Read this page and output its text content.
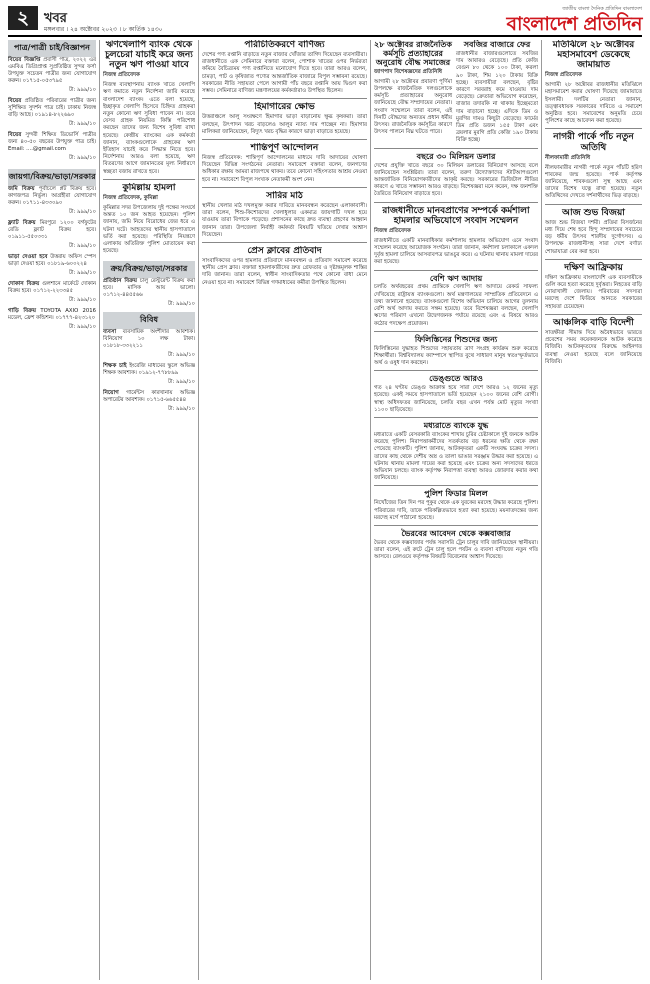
২	খবর
মঙ্গলবার । ২৪ অক্টোবর ২০২৩ । ৮ কার্তিক ১৪৩০
জাতীয় বাংলা দৈনিক প্রতিদিন বাংলাদেশ
বাংলাদেশ প্রতিদিন
পাত্র/পাত্রী চাই/বিজ্ঞাপন

বিয়ের বিজ্ঞপ্তি প্রবাসী পাত্র, ২০২২ এর এমবিএ ডিগ্রিপ্রাপ্ত সুপ্রতিষ্ঠিত সুন্দর ফর্সা উপযুক্ত সচেতন পাত্রীর জন্য যোগাযোগ করুন। ০১৭১৫-০৫৩৭৯৫

টা: ৯৯৯/১০

বিয়ের প্রতিষ্ঠিত পরিবারের পাত্রীর জন্য সুশিক্ষিত সুদর্শন পাত্র চাই। ঢাকায় নিজস্ব বাড়ি আছে। ০১৯১৪-৮২২৬৯০

টা: ৯৯৯/১০

বিয়ের সুন্দরী শিক্ষিত ডিভোর্সি পাত্রীর জন্য ৪০-৫০ বছরের উপযুক্ত পাত্র চাই। Email: ....@gmail.com

টা: ৯৯৯/১০

জায়গা/বিক্রয়/ভাড়া/সরকার

জমি বিক্রয় পূর্বাচলে প্লট বিক্রয় হবে। কাগজপত্র নির্ভুল। আগ্রহীরা যোগাযোগ করুন। ০১৭১১-৪৩৩০৯০

টা: ৯৯৯/১০

ফ্ল্যাট বিক্রয় মিরপুরে ১২০০ বর্গফুটের রেডি ফ্ল্যাট বিক্রয় হবে। ০১৯১১-৫৫০৩৩১

টা: ৯৯৯/১০

ভাড়া দেওয়া হবে উত্তরায় অফিস স্পেস ভাড়া দেওয়া হবে। ০১৮১৯-৬০০২২৪

টা: ৯৯৯/১০

দোকান বিক্রয় গুলশানে মার্কেটে দোকান বিক্রয় হবে। ০১৭১২-২২৩৩৪৫

টা: ৯৯৯/১০

গাড়ি বিক্রয় TOYOTA AXIO 2016 মডেল, ফ্রেশ কন্ডিশন। ০১৭৭৭-৪২৩১২০

টা: ৯৯৯/১০

ঋণখেলাপি ব্যাংক থেকে চুলচেরা যাচাই করে জন্য নতুন ঋণ পাওয়া যাবে

নিজস্ব প্রতিবেদক

নিজস্ব ব্যবস্থাপনায় ব্যাংক খাতে খেলাপি ঋণ কমাতে নতুন নির্দেশনা জারি করেছে বাংলাদেশ ব্যাংক। এতে বলা হয়েছে, ইচ্ছাকৃত খেলাপি হিসেবে চিহ্নিত গ্রাহকরা নতুন কোনো ঋণ সুবিধা পাবেন না। তবে যেসব গ্রাহক নিয়মিত কিস্তি পরিশোধ করছেন তাদের জন্য বিশেষ সুবিধা রাখা হয়েছে। কেন্দ্রীয় ব্যাংকের এক কর্মকর্তা জানান, ব্যাংকগুলোকে গ্রাহকের ঋণ ইতিহাস যাচাই করে সিদ্ধান্ত নিতে হবে। নির্দেশনায় আরও বলা হয়েছে, ঋণ বিতরণের আগে জামানতের মূল্য নির্ধারণে স্বচ্ছতা বজায় রাখতে হবে।

কুমিল্লায় হামলা

নিজস্ব প্রতিবেদক, কুমিল্লা

কুমিল্লার সদর উপজেলায় দুই পক্ষের সংঘর্ষে অন্তত ১০ জন আহত হয়েছেন। পুলিশ জানায়, জমি নিয়ে বিরোধের জের ধরে এ ঘটনা ঘটে। আহতদের স্থানীয় হাসপাতালে ভর্তি করা হয়েছে। পরিস্থিতি নিয়ন্ত্রণে এলাকায় অতিরিক্ত পুলিশ মোতায়েন করা হয়েছে।

ক্রয়/বিক্রয়/ভাড়া/সরকার

প্রতিষ্ঠান বিক্রয় চালু রেস্টুরেন্ট বিক্রয় করা হবে। মাসিক আয় ভালো। ০১৭১২-৪৪৫৫৬৬

টা: ৯৯৯/১০

বিবিধ

ব্যবসা ব্যবসায়িক অংশীদার আবশ্যক। বিনিয়োগ ১০ লক্ষ টাকা। ০১৮১৮-৩৩২২১১

টা: ৯৯৯/১০

শিক্ষক চাই ইংরেজি মাধ্যমের স্কুলে অভিজ্ঞ শিক্ষক আবশ্যক। ০১৯১২-৭৭৮৮৯৯

টা: ৯৯৯/১০

নিয়োগ গার্মেন্টস কারখানায় অভিজ্ঞ অপারেটর আবশ্যক। ০১৭১৫-৬৬৫৫৪৪

টা: ৯৯৯/১০

পরিচিতিকরণে বাণিজ্য

দেশের পণ্য রপ্তানি বাড়াতে নতুন বাজার খোঁজার তাগিদ দিয়েছেন ব্যবসায়ীরা। রাজধানীতে এক সেমিনারে বক্তারা বলেন, পোশাক খাতের ওপর নির্ভরতা কমিয়ে বৈচিত্র্যময় পণ্য রপ্তানিতে মনোযোগ দিতে হবে। তারা আরও বলেন, চামড়া, পাট ও কৃষিজাত পণ্যের আন্তর্জাতিক বাজারে বিপুল সম্ভাবনা রয়েছে। সরকারের নীতি সহায়তা পেলে আগামী পাঁচ বছরে রপ্তানি আয় দ্বিগুণ করা সম্ভব। সেমিনারে বাণিজ্য মন্ত্রণালয়ের কর্মকর্তারাও উপস্থিত ছিলেন।

হিমাগারের ক্ষোভ

উত্তরাঞ্চলে আলু সংরক্ষণে হিমাগার ভাড়া বাড়ানোয় ক্ষুব্ধ কৃষকরা। তারা বলছেন, উৎপাদন খরচ বাড়লেও আলুর ন্যায্য দাম পাচ্ছেন না। হিমাগার মালিকরা জানিয়েছেন, বিদ্যুৎ খরচ বৃদ্ধির কারণে ভাড়া বাড়াতে হয়েছে।

শান্তিপূর্ণ আন্দোলন

নিজস্ব প্রতিবেদক: শান্তিপূর্ণ আন্দোলনের মাধ্যমে দাবি আদায়ের ঘোষণা দিয়েছেন বিভিন্ন সংগঠনের নেতারা। সমাবেশে বক্তারা বলেন, জনগণের অধিকার রক্ষায় আমরা রাজপথে থাকব। তবে কোনো সহিংসতার আশ্রয় নেওয়া হবে না। সমাবেশে বিপুল সংখ্যক নেতাকর্মী অংশ নেন।

সারির মাঠ

স্থানীয় খেলার মাঠ দখলমুক্ত করার দাবিতে মানববন্ধন করেছেন এলাকাবাসী। তারা বলেন, শিশু-কিশোরদের খেলাধুলার একমাত্র জায়গাটি দখল হয়ে যাওয়ায় তারা বিপাকে পড়েছে। প্রশাসনের কাছে দ্রুত ব্যবস্থা গ্রহণের আহ্বান জানান তারা। উপজেলা নির্বাহী কর্মকর্তা বিষয়টি খতিয়ে দেখার আশ্বাস দিয়েছেন।

প্রেস ক্লাবের প্রতিবাদ

সাংবাদিকদের ওপর হামলার প্রতিবাদে মানববন্ধন ও প্রতিবাদ সমাবেশ করেছে স্থানীয় প্রেস ক্লাব। বক্তারা হামলাকারীদের দ্রুত গ্রেফতার ও দৃষ্টান্তমূলক শাস্তির দাবি জানান। তারা বলেন, স্বাধীন সাংবাদিকতার পথে কোনো বাধা মেনে নেওয়া হবে না। সমাবেশে বিভিন্ন গণমাধ্যমের কর্মীরা উপস্থিত ছিলেন।

২৮ অক্টোবর রাজনৈতিক কর্মসূচি প্রত্যাহারের অনুরোধ বৌদ্ধ সমাজের

জাগপাদ বিশেষজ্ঞদের প্রতিনিধি

আগামী ২৮ অক্টোবর প্রবারণা পূর্ণিমা উপলক্ষে রাজনৈতিক দলগুলোকে কর্মসূচি প্রত্যাহারের অনুরোধ জানিয়েছে বৌদ্ধ সম্প্রদায়ের নেতারা। সংবাদ সম্মেলনে তারা বলেন, এই দিনটি বৌদ্ধদের অন্যতম প্রধান ধর্মীয় উৎসব। রাজনৈতিক কর্মসূচির কারণে উৎসব পালনে বিঘ্ন ঘটতে পারে।

সবজির বাজারে ফের

রাজধানীর বাজারগুলোতে সবজির দাম আবারও বেড়েছে। প্রতি কেজি বেগুন ৮০ থেকে ১০০ টাকা, করলা ৯০ টাকা, শিম ১২০ টাকায় বিক্রি হচ্ছে। ব্যবসায়ীরা বলছেন, বৃষ্টির কারণে সরবরাহ কমে যাওয়ায় দাম বেড়েছে। ক্রেতারা অভিযোগ করেছেন, বাজার তদারকি না থাকায় ইচ্ছেমতো দাম বাড়ানো হচ্ছে। এদিকে ডিম ও মুরগির দামও কিছুটা বেড়েছে। ফার্মের ডিম প্রতি ডজন ১৫৫ টাকা এবং ব্রয়লার মুরগি প্রতি কেজি ১৯০ টাকায় বিক্রি হচ্ছে।

বছরে ৩০ মিলিয়ন ডলার

দেশের প্রযুক্তি খাতে বছরে ৩০ মিলিয়ন ডলারের বিনিয়োগ আসছে বলে জানিয়েছেন সংশ্লিষ্টরা। তারা বলেন, তরুণ উদ্যোক্তাদের স্টার্টআপগুলো আন্তর্জাতিক বিনিয়োগকারীদের আকৃষ্ট করছে। সরকারের ডিজিটাল নীতির কারণে এ খাতে সম্ভাবনা আরও বাড়ছে। বিশেষজ্ঞরা মনে করেন, দক্ষ জনশক্তি তৈরিতে বিনিয়োগ বাড়াতে হবে।

রাজধানীতে মানবপ্রাণের সম্পর্কে কর্মশালা হামলার অভিযোগে সংবাদ সম্মেলন

নিজস্ব প্রতিবেদক

রাজধানীতে একটি মানবাধিকার কর্মশালায় হামলার অভিযোগ এনে সংবাদ সম্মেলন করেছে আয়োজক সংগঠন। তারা জানান, কর্মশালা চলাকালে একদল দুর্বৃত্ত হামলা চালিয়ে আসবাবপত্র ভাঙচুর করে। এ ঘটনায় থানায় মামলা দায়ের করা হয়েছে।

বেশি ঋণ আদায়

চলতি অর্থবছরের প্রথম প্রান্তিকে খেলাপি ঋণ আদায়ে রেকর্ড সাফল্য দেখিয়েছে রাষ্ট্রায়ত্ত ব্যাংকগুলো। অর্থ মন্ত্রণালয়ের সাম্প্রতিক প্রতিবেদনে এ তথ্য জানানো হয়েছে। ব্যাংকগুলো বিশেষ অভিযান চালিয়ে আগের তুলনায় বেশি অর্থ আদায় করতে সক্ষম হয়েছে। তবে বিশেষজ্ঞরা বলছেন, খেলাপি ঋণের পরিমাণ এখনো উদ্বেগজনক পর্যায়ে রয়েছে এবং এ বিষয়ে আরও কঠোর পদক্ষেপ প্রয়োজন।

ফিলিস্তিনের শিশুদের জন্য

ফিলিস্তিনের যুদ্ধাহত শিশুদের সহায়তায় ত্রাণ সংগ্রহ কার্যক্রম শুরু করেছে শিক্ষার্থীরা। বিশ্ববিদ্যালয় ক্যাম্পাসে স্থাপিত বুথে সাধারণ মানুষ স্বতঃস্ফূর্তভাবে অর্থ ও ওষুধ দান করছেন।

ডেঙ্গুতে আরও

গত ২৪ ঘণ্টায় ডেঙ্গু আক্রান্ত হয়ে সারা দেশে আরও ১২ জনের মৃত্যু হয়েছে। একই সময়ে হাসপাতালে ভর্তি হয়েছেন ২১০০ জনের বেশি রোগী। স্বাস্থ্য অধিদফতর জানিয়েছে, চলতি বছর এখন পর্যন্ত মোট মৃত্যুর সংখ্যা ১১০০ ছাড়িয়েছে।

মধ্যরাতে ব্যাংকে যুদ্ধ

মধ্যরাতে একটি বেসরকারি ব্যাংকের শাখায় চুরির চেষ্টাকালে দুই জনকে আটক করেছে পুলিশ। নিরাপত্তাকর্মীদের সতর্কতায় বড় ধরনের ক্ষতি থেকে রক্ষা পেয়েছে ব্যাংকটি। পুলিশ জানায়, আটককৃতরা একটি সংঘবদ্ধ চক্রের সদস্য। তাদের কাছ থেকে দেশীয় অস্ত্র ও তালা ভাঙার সরঞ্জাম উদ্ধার করা হয়েছে। এ ঘটনায় থানায় মামলা দায়ের করা হয়েছে এবং চক্রের অন্য সদস্যদের ধরতে অভিযান চলছে। ব্যাংক কর্তৃপক্ষ নিরাপত্তা ব্যবস্থা আরও জোরদার করার কথা জানিয়েছে।

পুলিশ ফিডার মিলল

নিখোঁজের তিন দিন পর পুকুর থেকে এক যুবকের মরদেহ উদ্ধার করেছে পুলিশ। পরিবারের দাবি, তাকে পরিকল্পিতভাবে হত্যা করা হয়েছে। ময়নাতদন্তের জন্য মরদেহ মর্গে পাঠানো হয়েছে।

ভৈরবের আবেদন থেকে কক্সবাজার

ভৈরব থেকে কক্সবাজার পর্যন্ত সরাসরি ট্রেন চালুর দাবি জানিয়েছেন স্থানীয়রা। তারা বলেন, এই রুটে ট্রেন চালু হলে পর্যটন ও ব্যবসা বাণিজ্যে নতুন গতি আসবে। রেলওয়ে কর্তৃপক্ষ বিষয়টি বিবেচনার আশ্বাস দিয়েছে।

মতিঝিলে ২৮ অক্টোবর মহাসমাবেশ ডেকেছে জামায়াত

নিজস্ব প্রতিবেদক

আগামী ২৮ অক্টোবর রাজধানীর মতিঝিলে মহাসমাবেশ করার ঘোষণা দিয়েছে জামায়াতে ইসলামী। দলটির নেতারা জানান, তত্ত্বাবধায়ক সরকারের দাবিতে এ সমাবেশ অনুষ্ঠিত হবে। সমাবেশের অনুমতি চেয়ে পুলিশের কাছে আবেদন করা হয়েছে।

নাগরী পার্কে পাঁচ নতুন অতিথি

নীলফামারী প্রতিনিধি

নীলফামারীর নাগরী পার্কে নতুন পাঁচটি হরিণ শাবকের জন্ম হয়েছে। পার্ক কর্তৃপক্ষ জানিয়েছে, শাবকগুলো সুস্থ আছে এবং তাদের বিশেষ যত্নে রাখা হয়েছে। নতুন অতিথিদের দেখতে দর্শনার্থীদের ভিড় বাড়ছে।

আজ শুভ বিজয়া

আজ শুভ বিজয়া দশমী। প্রতিমা বিসর্জনের মধ্য দিয়ে শেষ হবে হিন্দু সম্প্রদায়ের সবচেয়ে বড় ধর্মীয় উৎসব শারদীয় দুর্গোৎসব। এ উপলক্ষে রাজধানীসহ সারা দেশে বর্ণাঢ্য শোভাযাত্রা বের করা হবে।

দক্ষিণ আফ্রিকায়

দক্ষিণ আফ্রিকায় বাংলাদেশি এক ব্যবসায়ীকে গুলি করে হত্যা করেছে দুর্বৃত্তরা। নিহতের বাড়ি নোয়াখালী জেলায়। পরিবারের সদস্যরা মরদেহ দেশে ফিরিয়ে আনতে সরকারের সহায়তা চেয়েছেন।

আঞ্চলিক বাড়ি বিদেশী

সাতক্ষীরা সীমান্ত দিয়ে অবৈধভাবে ভারতে প্রবেশের সময় কয়েকজনকে আটক করেছে বিজিবি। আটককৃতদের বিরুদ্ধে আইনগত ব্যবস্থা নেওয়া হয়েছে বলে জানিয়েছে বিজিবি।
